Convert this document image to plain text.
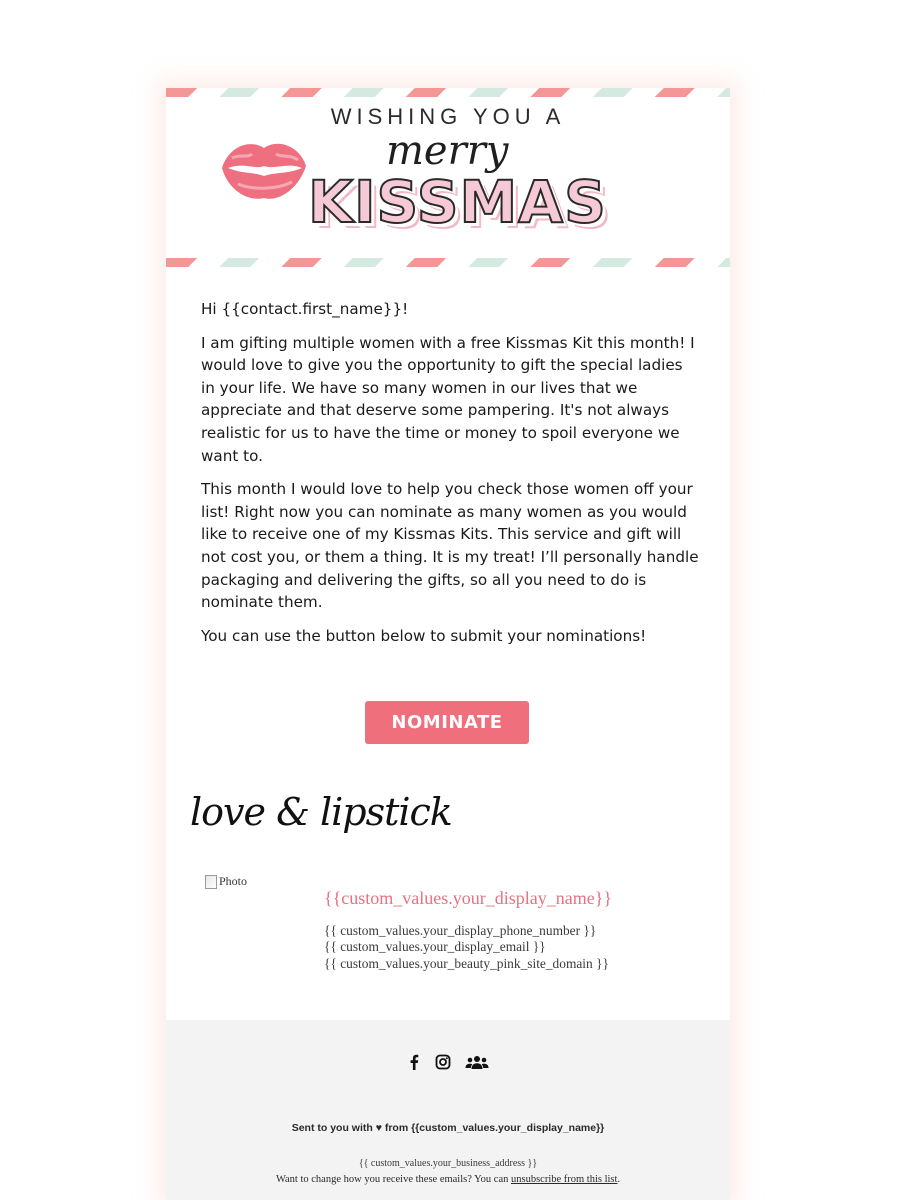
WISHING YOU A
merry
KISSMAS

Hi {{contact.first_name}}!

I am gifting multiple women with a free Kissmas Kit this month! I would love to give you the opportunity to gift the special ladies in your life. We have so many women in our lives that we appreciate and that deserve some pampering. It's not always realistic for us to have the time or money to spoil everyone we want to.

This month I would love to help you check those women off your list! Right now you can nominate as many women as you would like to receive one of my Kissmas Kits. This service and gift will not cost you, or them a thing. It is my treat! I’ll personally handle packaging and delivering the gifts, so all you need to do is nominate them.

You can use the button below to submit your nominations!

NOMINATE
love & lipstick
Photo
{{custom_values.your_display_name}}
{{ custom_values.your_display_phone_number }}
{{ custom_values.your_display_email }}
{{ custom_values.your_beauty_pink_site_domain }}
Sent to you with ♥ from {{custom_values.your_display_name}}
{{ custom_values.your_business_address }}
Want to change how you receive these emails? You can unsubscribe from this list.
